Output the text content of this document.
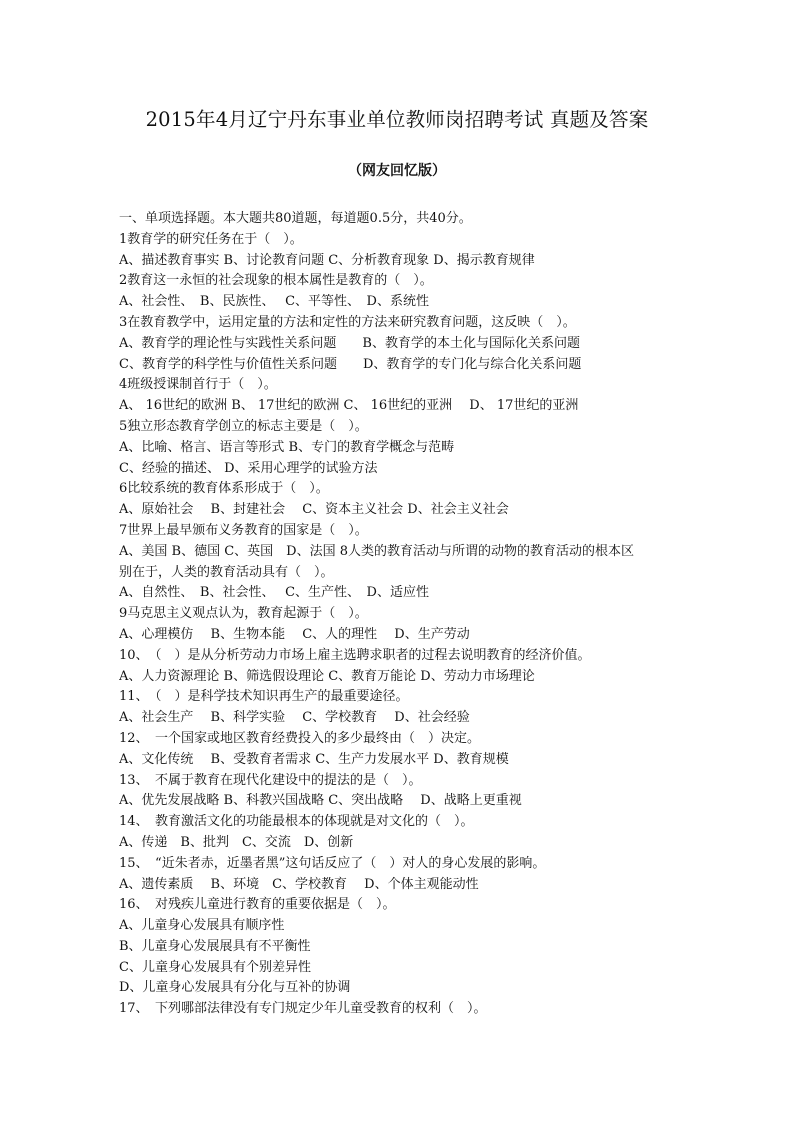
2015年4月辽宁丹东事业单位教师岗招聘考试 真题及答案
（网友回忆版）
一、单项选择题。本大题共80道题，每道题0.5分，共40分。
1教育学的研究任务在于（　）。
A、描述教育事实 B、讨论教育问题 C、分析教育现象 D、揭示教育规律
2教育这一永恒的社会现象的根本属性是教育的（　）。
A、社会性、　B、民族性、　 C、平等性、　D、系统性
3在教育教学中，运用定量的方法和定性的方法来研究教育问题，这反映（　）。
A、教育学的理论性与实践性关系问题　　B、教育学的本土化与国际化关系问题
C、教育学的科学性与价值性关系问题　　D、教育学的专门化与综合化关系问题
4班级授课制首行于（　）。
A、 16世纪的欧洲 B、 17世纪的欧洲 C、 16世纪的亚洲　 D、 17世纪的亚洲
5独立形态教育学创立的标志主要是（　）。
A、比喻、格言、语言等形式 B、专门的教育学概念与范畴
C、经验的描述、 D、采用心理学的试验方法
6比较系统的教育体系形成于（　）。
A、原始社会　 B、封建社会　 C、资本主义社会 D、社会主义社会
7世界上最早颁布义务教育的国家是（　）。
A、美国 B、德国 C、英国　D、法国 8人类的教育活动与所谓的动物的教育活动的根本区
别在于，人类的教育活动具有（　）。
A、自然性、　B、社会性、　 C、生产性、　D、适应性
9马克思主义观点认为，教育起源于（　）。
A、心理模仿　 B、生物本能　 C、人的理性　 D、生产劳动
10、　（　）是从分析劳动力市场上雇主选聘求职者的过程去说明教育的经济价值。
A、人力资源理论 B、筛选假设理论 C、教育万能论 D、劳动力市场理论
11、　（　）是科学技术知识再生产的最重要途径。
A、社会生产　 B、科学实验　 C、学校教育　 D、社会经验
12、　一个国家或地区教育经费投入的多少最终由（　）决定。
A、文化传统　 B、受教育者需求 C、生产力发展水平 D、教育规模
13、　不属于教育在现代化建设中的提法的是（　）。
A、优先发展战略 B、科教兴国战略 C、突出战略　 D、战略上更重视
14、　教育激活文化的功能最根本的体现就是对文化的（　）。
A、传递　B、批判　C、交流　D、创新
15、　“近朱者赤，近墨者黑”这句话反应了（　）对人的身心发展的影响。
A、遗传素质　 B、环境　C、学校教育　 D、个体主观能动性
16、　对残疾儿童进行教育的重要依据是（　）。
A、儿童身心发展具有顺序性
B、儿童身心发展展具有不平衡性
C、儿童身心发展具有个别差异性
D、儿童身心发展具有分化与互补的协调
17、　下列哪部法律没有专门规定少年儿童受教育的权利（　）。
